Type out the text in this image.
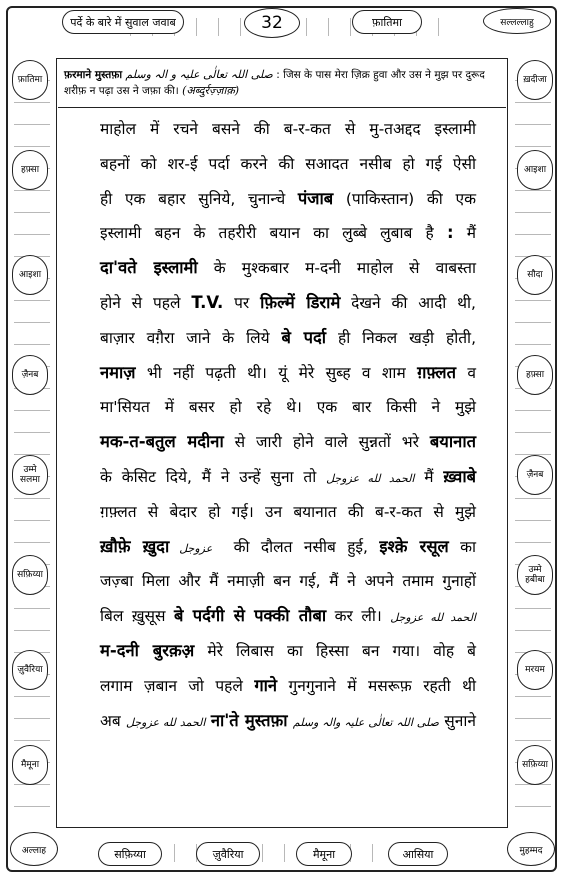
पर्दे के बारे में सुवाल जवाब	32	फ़ातिमा	सल्लल्लाहु
फ़रमाने मुस्तफ़ा صلی اللہ تعالٰی علیہ و الہ وسلم : जिस के पास मेरा ज़िक्र हुवा और उस ने मुझ पर दुरूद शरीफ़ न पढ़ा उस ने जफ़ा की। (अब्दुर्रज़्ज़ाक़)
फ़ातिमा
हफ़्सा
आइशा
ज़ैनब
उम्मे सलमा
सफ़िय्या
ज़ुवैरिया
मैमूना
ख़दीजा
आइशा
सौदा
हफ़्सा
ज़ैनब
उम्मे हबीबा
मरयम
सफ़िय्या
माहोल में रचने बसने की ब-र-कत से मु-तअद्दद इस्लामी
बहनों को शर-ई पर्दा करने की सआदत नसीब हो गई ऐसी
ही एक बहार सुनिये, चुनान्चे पंजाब (पाकिस्तान) की एक
इस्लामी बहन के तहरीरी बयान का लुब्बे लुबाब है : मैं
दा'वते इस्लामी के मुश्कबार म-दनी माहोल से वाबस्ता
होने से पहले T.V. पर फ़िल्में डिरामे देखने की आदी थी,
बाज़ार वग़ैरा जाने के लिये बे पर्दा ही निकल खड़ी होती,
नमाज़ भी नहीं पढ़ती थी। यूं मेरे सुब्ह व शाम ग़फ़्लत व
मा'सियत में बसर हो रहे थे। एक बार किसी ने मुझे
मक-त-बतुल मदीना से जारी होने वाले सुन्नतों भरे बयानात
के केसिट दिये, मैं ने उन्हें सुना तो الحمد لله عزوجل मैं ख़्वाबे
ग़फ़्लत से बेदार हो गई। उन बयानात की ब-र-कत से मुझे
ख़ौफ़े ख़ुदा عزوجل  की दौलत नसीब हुई, इश्क़े रसूल का
जज़्बा मिला और मैं नमाज़ी बन गई, मैं ने अपने तमाम गुनाहों
बिल ख़ुसूस बे पर्दगी से पक्की तौबा कर ली। الحمد لله عزوجل
म-दनी बुरक़अ़ मेरे लिबास का हिस्सा बन गया। वोह बे
लगाम ज़बान जो पहले गाने गुनगुनाने में मसरूफ़ रहती थी
अब الحمد لله عزوجل ना'ते मुस्तफ़ा صلی اللہ تعالٰی علیہ والہ وسلم सुनाने
अल्लाह	सफ़िय्या	ज़ुवैरिया	मैमूना	आसिया	मुहम्मद
